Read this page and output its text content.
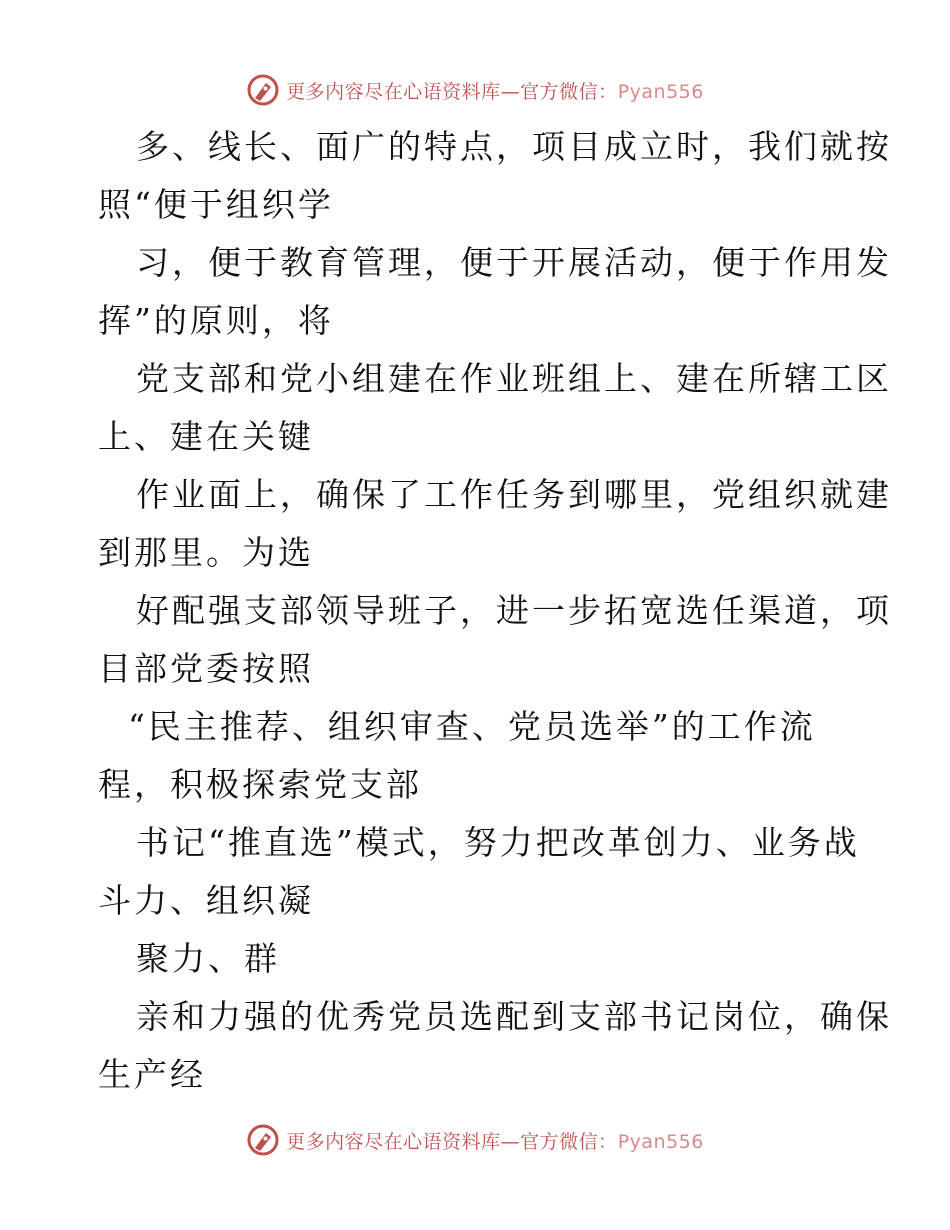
更多内容尽在心语资料库—官方微信：Pyan556
多、线长、面广的特点，项目成立时，我们就按
照“便于组织学
习，便于教育管理，便于开展活动，便于作用发
挥”的原则，将
党支部和党小组建在作业班组上、建在所辖工区
上、建在关键
作业面上，确保了工作任务到哪里，党组织就建
到那里。为选
好配强支部领导班子，进一步拓宽选任渠道，项
目部党委按照
“民主推荐、组织审查、党员选举”的工作流
程，积极探索党支部
书记“推直选”模式，努力把改革创力、业务战
斗力、组织凝
聚力、群
亲和力强的优秀党员选配到支部书记岗位，确保
生产经
更多内容尽在心语资料库—官方微信：Pyan556
